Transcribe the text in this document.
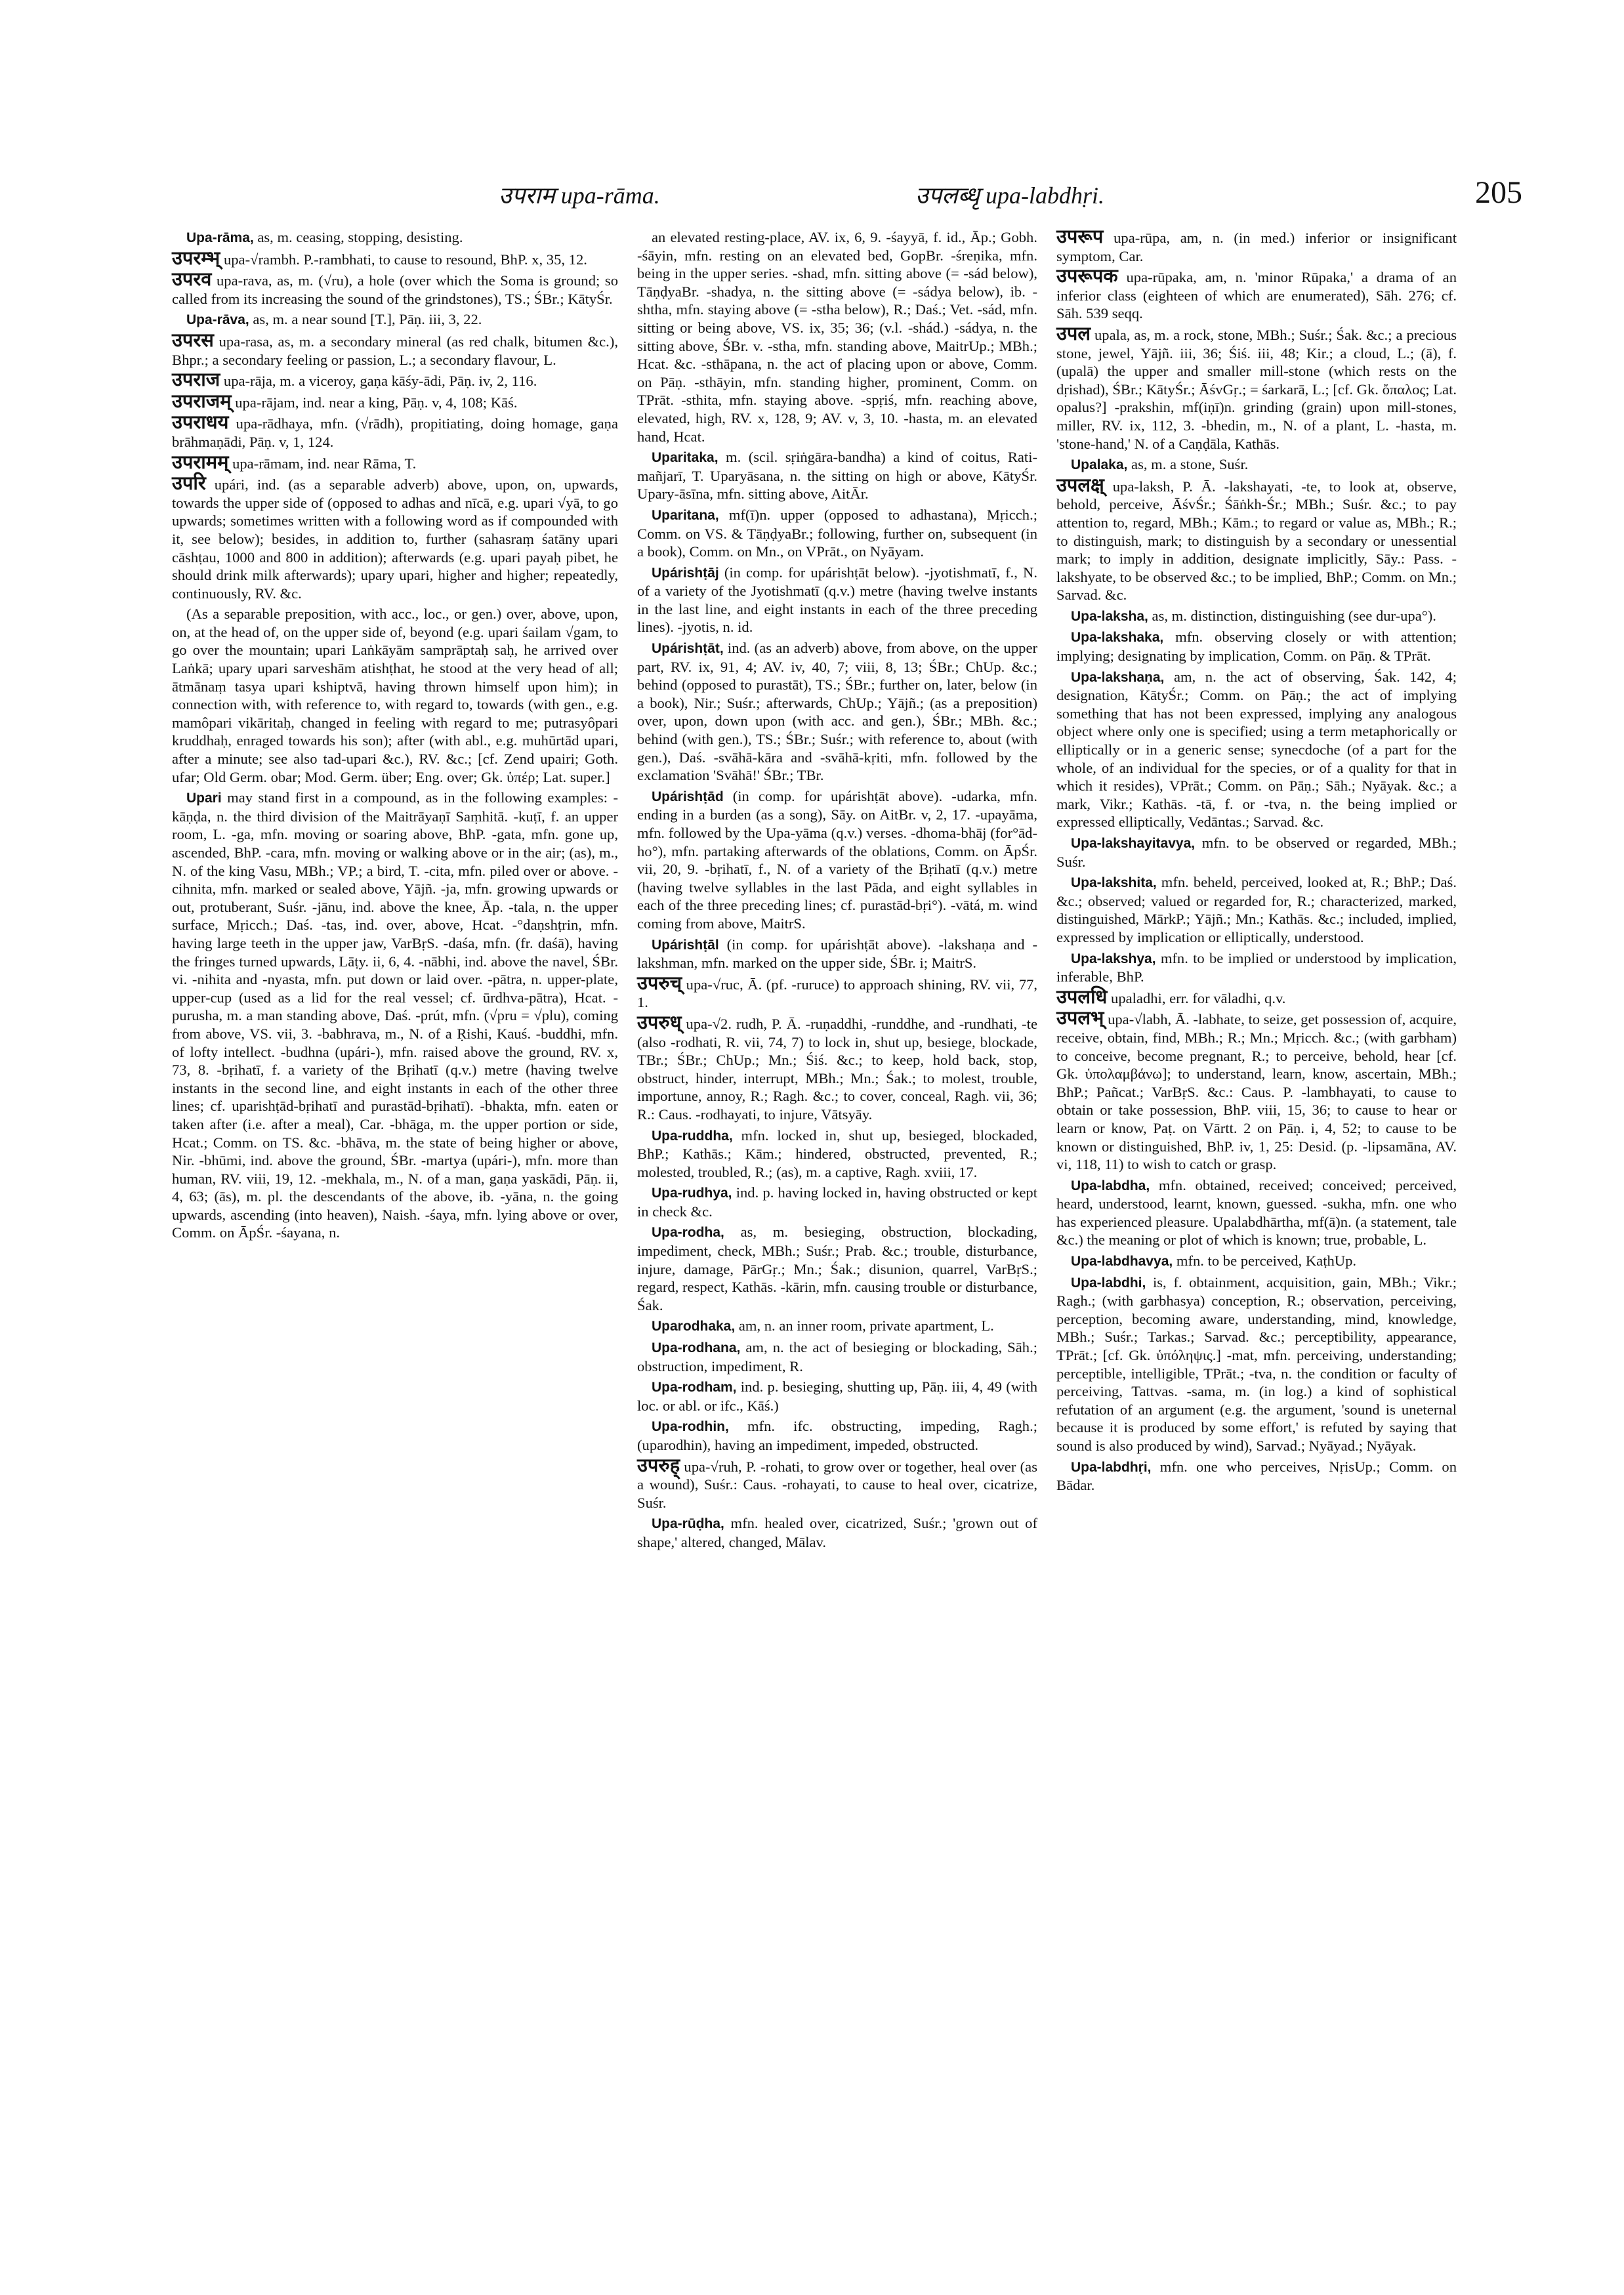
उपराम upa-rāma.	उपलब्धृ upa-labdhṛi.	205

Upa-rāma, as, m. ceasing, stopping, desisting.

उपरम्भ् upa-√rambh. P.-rambhati, to cause to resound, BhP. x, 35, 12.

उपरव upa-rava, as, m. (√ru), a hole (over which the Soma is ground; so called from its increasing the sound of the grindstones), TS.; ŚBr.; KātyŚr.

Upa-rāva, as, m. a near sound [T.], Pāṇ. iii, 3, 22.

उपरस upa-rasa, as, m. a secondary mineral (as red chalk, bitumen &c.), Bhpr.; a secondary feeling or passion, L.; a secondary flavour, L.

उपराज upa-rāja, m. a viceroy, gaṇa kāśy-ādi, Pāṇ. iv, 2, 116.

उपराजम् upa-rājam, ind. near a king, Pāṇ. v, 4, 108; Kāś.

उपराधय upa-rādhaya, mfn. (√rādh), propitiating, doing homage, gaṇa brāhmaṇādi, Pāṇ. v, 1, 124.

उपरामम् upa-rāmam, ind. near Rāma, T.

उपरि upári, ind. (as a separable adverb) above, upon, on, upwards, towards the upper side of (opposed to adhas and nīcā, e.g. upari √yā, to go upwards; sometimes written with a following word as if compounded with it, see below); besides, in addition to, further (sahasraṃ śatāny upari cāshṭau, 1000 and 800 in addition); afterwards (e.g. upari payaḥ pibet, he should drink milk afterwards); upary upari, higher and higher; repeatedly, continuously, RV. &c.

(As a separable preposition, with acc., loc., or gen.) over, above, upon, on, at the head of, on the upper side of, beyond (e.g. upari śailam √gam, to go over the mountain; upari Laṅkāyām samprāptaḥ saḥ, he arrived over Laṅkā; upary upari sarveshām atishṭhat, he stood at the very head of all; ātmānaṃ tasya upari kshiptvā, having thrown himself upon him); in connection with, with reference to, with regard to, towards (with gen., e.g. mamôpari vikāritaḥ, changed in feeling with regard to me; putrasyôpari kruddhaḥ, enraged towards his son); after (with abl., e.g. muhūrtād upari, after a minute; see also tad-upari &c.), RV. &c.; [cf. Zend upairi; Goth. ufar; Old Germ. obar; Mod. Germ. über; Eng. over; Gk. ὑπέρ; Lat. super.]

Upari may stand first in a compound, as in the following examples: -kāṇḍa, n. the third division of the Maitrāyaṇī Saṃhitā. -kuṭī, f. an upper room, L. -ga, mfn. moving or soaring above, BhP. -gata, mfn. gone up, ascended, BhP. -cara, mfn. moving or walking above or in the air; (as), m., N. of the king Vasu, MBh.; VP.; a bird, T. -cita, mfn. piled over or above. -cihnita, mfn. marked or sealed above, Yājñ. -ja, mfn. growing upwards or out, protuberant, Suśr. -jānu, ind. above the knee, Āp. -tala, n. the upper surface, Mṛicch.; Daś. -tas, ind. over, above, Hcat. -°daṇshṭrin, mfn. having large teeth in the upper jaw, VarBṛS. -daśa, mfn. (fr. daśā), having the fringes turned upwards, Lāṭy. ii, 6, 4. -nābhi, ind. above the navel, ŚBr. vi. -nihita and -nyasta, mfn. put down or laid over. -pātra, n. upper-plate, upper-cup (used as a lid for the real vessel; cf. ūrdhva-pātra), Hcat. -purusha, m. a man standing above, Daś. -prút, mfn. (√pru = √plu), coming from above, VS. vii, 3. -babhrava, m., N. of a Ṛishi, Kauś. -buddhi, mfn. of lofty intellect. -budhna (upári-), mfn. raised above the ground, RV. x, 73, 8. -bṛihatī, f. a variety of the Bṛihatī (q.v.) metre (having twelve instants in the second line, and eight instants in each of the other three lines; cf. uparishṭād-bṛihatī and purastād-bṛihatī). -bhakta, mfn. eaten or taken after (i.e. after a meal), Car. -bhāga, m. the upper portion or side, Hcat.; Comm. on TS. &c. -bhāva, m. the state of being higher or above, Nir. -bhūmi, ind. above the ground, ŚBr. -martya (upári-), mfn. more than human, RV. viii, 19, 12. -mekhala, m., N. of a man, gaṇa yaskādi, Pāṇ. ii, 4, 63; (ās), m. pl. the descendants of the above, ib. -yāna, n. the going upwards, ascending (into heaven), Naish. -śaya, mfn. lying above or over, Comm. on ĀpŚr. -śayana, n.

an elevated resting-place, AV. ix, 6, 9. -śayyā, f. id., Āp.; Gobh. -śāyin, mfn. resting on an elevated bed, GopBr. -śreṇika, mfn. being in the upper series. -shad, mfn. sitting above (= -sád below), TāṇḍyaBr. -shadya, n. the sitting above (= -sádya below), ib. -shtha, mfn. staying above (= -stha below), R.; Daś.; Vet. -sád, mfn. sitting or being above, VS. ix, 35; 36; (v.l. -shád.) -sádya, n. the sitting above, ŚBr. v. -stha, mfn. standing above, MaitrUp.; MBh.; Hcat. &c. -sthāpana, n. the act of placing upon or above, Comm. on Pāṇ. -sthāyin, mfn. standing higher, prominent, Comm. on TPrāt. -sthita, mfn. staying above. -spṛiś, mfn. reaching above, elevated, high, RV. x, 128, 9; AV. v, 3, 10. -hasta, m. an elevated hand, Hcat.

Uparitaka, m. (scil. sṛiṅgāra-bandha) a kind of coitus, Rati-mañjarī, T. Uparyāsana, n. the sitting on high or above, KātyŚr. Upary-āsīna, mfn. sitting above, AitĀr.

Uparitana, mf(ī)n. upper (opposed to adhastana), Mṛicch.; Comm. on VS. & TāṇḍyaBr.; following, further on, subsequent (in a book), Comm. on Mn., on VPrāt., on Nyāyam.

Upárishṭāj (in comp. for upárishṭāt below). -jyotishmatī, f., N. of a variety of the Jyotishmatī (q.v.) metre (having twelve instants in the last line, and eight instants in each of the three preceding lines). -jyotis, n. id.

Upárishṭāt, ind. (as an adverb) above, from above, on the upper part, RV. ix, 91, 4; AV. iv, 40, 7; viii, 8, 13; ŚBr.; ChUp. &c.; behind (opposed to purastāt), TS.; ŚBr.; further on, later, below (in a book), Nir.; Suśr.; afterwards, ChUp.; Yājñ.; (as a preposition) over, upon, down upon (with acc. and gen.), ŚBr.; MBh. &c.; behind (with gen.), TS.; ŚBr.; Suśr.; with reference to, about (with gen.), Daś. -svāhā-kāra and -svāhā-kṛiti, mfn. followed by the exclamation 'Svāhā!' ŚBr.; TBr.

Upárishṭād (in comp. for upárishṭāt above). -udarka, mfn. ending in a burden (as a song), Sāy. on AitBr. v, 2, 17. -upayāma, mfn. followed by the Upa-yāma (q.v.) verses. -dhoma-bhāj (for°ād-ho°), mfn. partaking afterwards of the oblations, Comm. on ĀpŚr. vii, 20, 9. -bṛihatī, f., N. of a variety of the Bṛihatī (q.v.) metre (having twelve syllables in the last Pāda, and eight syllables in each of the three preceding lines; cf. purastād-bṛi°). -vātá, m. wind coming from above, MaitrS.

Upárishṭāl (in comp. for upárishṭāt above). -lakshaṇa and -lakshman, mfn. marked on the upper side, ŚBr. i; MaitrS.

उपरुच् upa-√ruc, Ā. (pf. -ruruce) to approach shining, RV. vii, 77, 1.

उपरुध् upa-√2. rudh, P. Ā. -ruṇaddhi, -runddhe, and -rundhati, -te (also -rodhati, R. vii, 74, 7) to lock in, shut up, besiege, blockade, TBr.; ŚBr.; ChUp.; Mn.; Śiś. &c.; to keep, hold back, stop, obstruct, hinder, interrupt, MBh.; Mn.; Śak.; to molest, trouble, importune, annoy, R.; Ragh. &c.; to cover, conceal, Ragh. vii, 36; R.: Caus. -rodhayati, to injure, Vātsyāy.

Upa-ruddha, mfn. locked in, shut up, besieged, blockaded, BhP.; Kathās.; Kām.; hindered, obstructed, prevented, R.; molested, troubled, R.; (as), m. a captive, Ragh. xviii, 17.

Upa-rudhya, ind. p. having locked in, having obstructed or kept in check &c.

Upa-rodha, as, m. besieging, obstruction, blockading, impediment, check, MBh.; Suśr.; Prab. &c.; trouble, disturbance, injure, damage, PārGṛ.; Mn.; Śak.; disunion, quarrel, VarBṛS.; regard, respect, Kathās. -kārin, mfn. causing trouble or disturbance, Śak.

Uparodhaka, am, n. an inner room, private apartment, L.

Upa-rodhana, am, n. the act of besieging or blockading, Sāh.; obstruction, impediment, R.

Upa-rodham, ind. p. besieging, shutting up, Pāṇ. iii, 4, 49 (with loc. or abl. or ifc., Kāś.)

Upa-rodhin, mfn. ifc. obstructing, impeding, Ragh.; (uparodhin), having an impediment, impeded, obstructed.

उपरुह् upa-√ruh, P. -rohati, to grow over or together, heal over (as a wound), Suśr.: Caus. -rohayati, to cause to heal over, cicatrize, Suśr.

Upa-rūḍha, mfn. healed over, cicatrized, Suśr.; 'grown out of shape,' altered, changed, Mālav.

उपरूप upa-rūpa, am, n. (in med.) inferior or insignificant symptom, Car.

उपरूपक upa-rūpaka, am, n. 'minor Rūpaka,' a drama of an inferior class (eighteen of which are enumerated), Sāh. 276; cf. Sāh. 539 seqq.

उपल upala, as, m. a rock, stone, MBh.; Suśr.; Śak. &c.; a precious stone, jewel, Yājñ. iii, 36; Śiś. iii, 48; Kir.; a cloud, L.; (ā), f. (upalā) the upper and smaller mill-stone (which rests on the dṛishad), ŚBr.; KātyŚr.; ĀśvGṛ.; = śarkarā, L.; [cf. Gk. ὄπαλος; Lat. opalus?] -prakshin, mf(iṇī)n. grinding (grain) upon mill-stones, miller, RV. ix, 112, 3. -bhedin, m., N. of a plant, L. -hasta, m. 'stone-hand,' N. of a Caṇḍāla, Kathās.

Upalaka, as, m. a stone, Suśr.

उपलक्ष् upa-laksh, P. Ā. -lakshayati, -te, to look at, observe, behold, perceive, ĀśvŚr.; Śāṅkh-Śr.; MBh.; Suśr. &c.; to pay attention to, regard, MBh.; Kām.; to regard or value as, MBh.; R.; to distinguish, mark; to distinguish by a secondary or unessential mark; to imply in addition, designate implicitly, Sāy.: Pass. -lakshyate, to be observed &c.; to be implied, BhP.; Comm. on Mn.; Sarvad. &c.

Upa-laksha, as, m. distinction, distinguishing (see dur-upa°).

Upa-lakshaka, mfn. observing closely or with attention; implying; designating by implication, Comm. on Pāṇ. & TPrāt.

Upa-lakshaṇa, am, n. the act of observing, Śak. 142, 4; designation, KātyŚr.; Comm. on Pāṇ.; the act of implying something that has not been expressed, implying any analogous object where only one is specified; using a term metaphorically or elliptically or in a generic sense; synecdoche (of a part for the whole, of an individual for the species, or of a quality for that in which it resides), VPrāt.; Comm. on Pāṇ.; Sāh.; Nyāyak. &c.; a mark, Vikr.; Kathās. -tā, f. or -tva, n. the being implied or expressed elliptically, Vedāntas.; Sarvad. &c.

Upa-lakshayitavya, mfn. to be observed or regarded, MBh.; Suśr.

Upa-lakshita, mfn. beheld, perceived, looked at, R.; BhP.; Daś. &c.; observed; valued or regarded for, R.; characterized, marked, distinguished, MārkP.; Yājñ.; Mn.; Kathās. &c.; included, implied, expressed by implication or elliptically, understood.

Upa-lakshya, mfn. to be implied or understood by implication, inferable, BhP.

उपलधि upaladhi, err. for vāladhi, q.v.

उपलभ् upa-√labh, Ā. -labhate, to seize, get possession of, acquire, receive, obtain, find, MBh.; R.; Mn.; Mṛicch. &c.; (with garbham) to conceive, become pregnant, R.; to perceive, behold, hear [cf. Gk. ὑπολαμβάνω]; to understand, learn, know, ascertain, MBh.; BhP.; Pañcat.; VarBṛS. &c.: Caus. P. -lambhayati, to cause to obtain or take possession, BhP. viii, 15, 36; to cause to hear or learn or know, Paṭ. on Vārtt. 2 on Pāṇ. i, 4, 52; to cause to be known or distinguished, BhP. iv, 1, 25: Desid. (p. -lipsamāna, AV. vi, 118, 11) to wish to catch or grasp.

Upa-labdha, mfn. obtained, received; conceived; perceived, heard, understood, learnt, known, guessed. -sukha, mfn. one who has experienced pleasure. Upalabdhārtha, mf(ā)n. (a statement, tale &c.) the meaning or plot of which is known; true, probable, L.

Upa-labdhavya, mfn. to be perceived, KaṭhUp.

Upa-labdhi, is, f. obtainment, acquisition, gain, MBh.; Vikr.; Ragh.; (with garbhasya) conception, R.; observation, perceiving, perception, becoming aware, understanding, mind, knowledge, MBh.; Suśr.; Tarkas.; Sarvad. &c.; perceptibility, appearance, TPrāt.; [cf. Gk. ὑπόληψις.] -mat, mfn. perceiving, understanding; perceptible, intelligible, TPrāt.; -tva, n. the condition or faculty of perceiving, Tattvas. -sama, m. (in log.) a kind of sophistical refutation of an argument (e.g. the argument, 'sound is uneternal because it is produced by some effort,' is refuted by saying that sound is also produced by wind), Sarvad.; Nyāyad.; Nyāyak.

Upa-labdhṛi, mfn. one who perceives, NṛisUp.; Comm. on Bādar.
